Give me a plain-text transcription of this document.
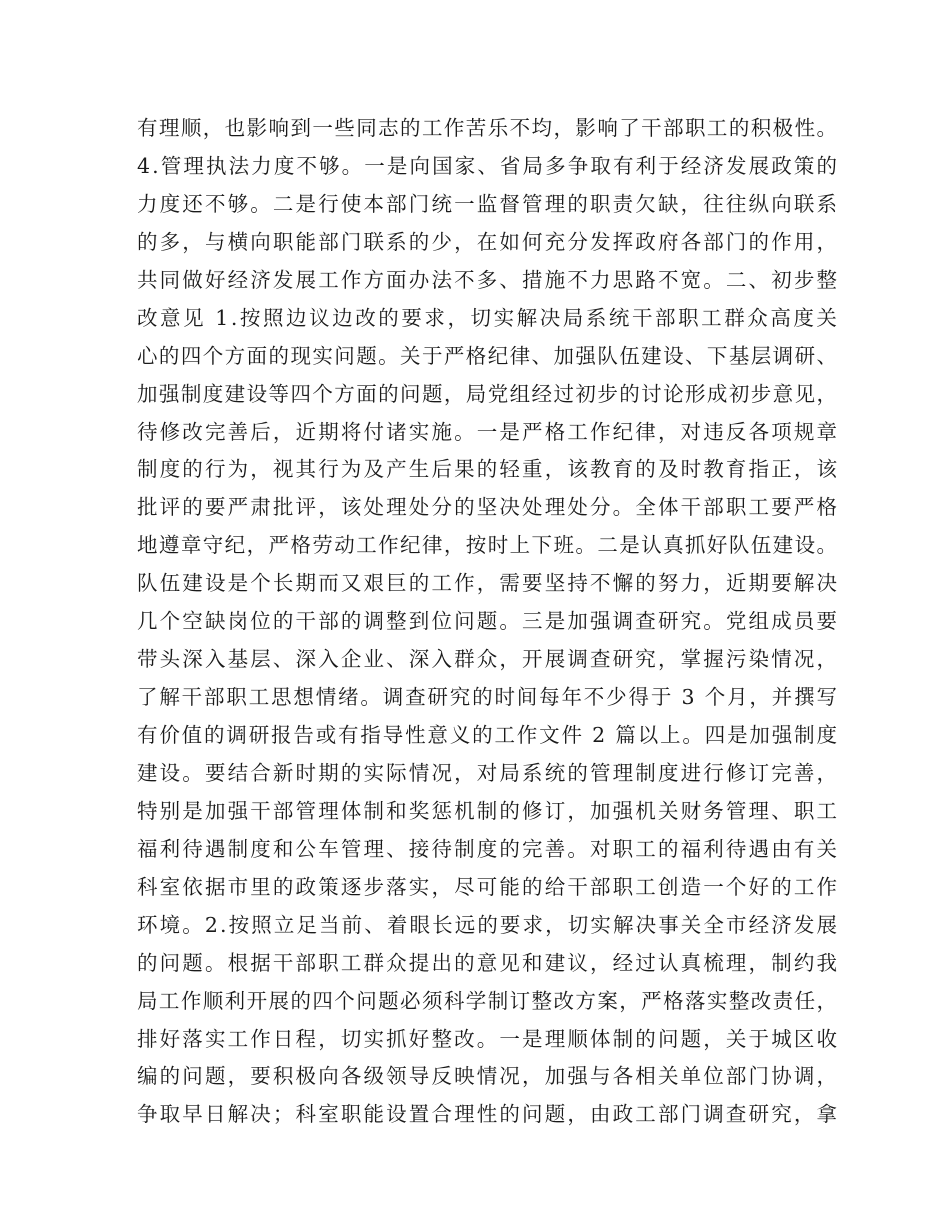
有理顺，也影响到一些同志的工作苦乐不均，影响了干部职工的积极性。
4.管理执法力度不够。一是向国家、省局多争取有利于经济发展政策的
力度还不够。二是行使本部门统一监督管理的职责欠缺，往往纵向联系
的多，与横向职能部门联系的少，在如何充分发挥政府各部门的作用，
共同做好经济发展工作方面办法不多、措施不力思路不宽。二、初步整
改意见 1.按照边议边改的要求，切实解决局系统干部职工群众高度关
心的四个方面的现实问题。关于严格纪律、加强队伍建设、下基层调研、
加强制度建设等四个方面的问题，局党组经过初步的讨论形成初步意见，
待修改完善后，近期将付诸实施。一是严格工作纪律，对违反各项规章
制度的行为，视其行为及产生后果的轻重，该教育的及时教育指正，该
批评的要严肃批评，该处理处分的坚决处理处分。全体干部职工要严格
地遵章守纪，严格劳动工作纪律，按时上下班。二是认真抓好队伍建设。
队伍建设是个长期而又艰巨的工作，需要坚持不懈的努力，近期要解决
几个空缺岗位的干部的调整到位问题。三是加强调查研究。党组成员要
带头深入基层、深入企业、深入群众，开展调查研究，掌握污染情况，
了解干部职工思想情绪。调查研究的时间每年不少得于 3 个月，并撰写
有价值的调研报告或有指导性意义的工作文件 2 篇以上。四是加强制度
建设。要结合新时期的实际情况，对局系统的管理制度进行修订完善，
特别是加强干部管理体制和奖惩机制的修订，加强机关财务管理、职工
福利待遇制度和公车管理、接待制度的完善。对职工的福利待遇由有关
科室依据市里的政策逐步落实，尽可能的给干部职工创造一个好的工作
环境。2.按照立足当前、着眼长远的要求，切实解决事关全市经济发展
的问题。根据干部职工群众提出的意见和建议，经过认真梳理，制约我
局工作顺利开展的四个问题必须科学制订整改方案，严格落实整改责任，
排好落实工作日程，切实抓好整改。一是理顺体制的问题，关于城区收
编的问题，要积极向各级领导反映情况，加强与各相关单位部门协调，
争取早日解决；科室职能设置合理性的问题，由政工部门调查研究，拿
